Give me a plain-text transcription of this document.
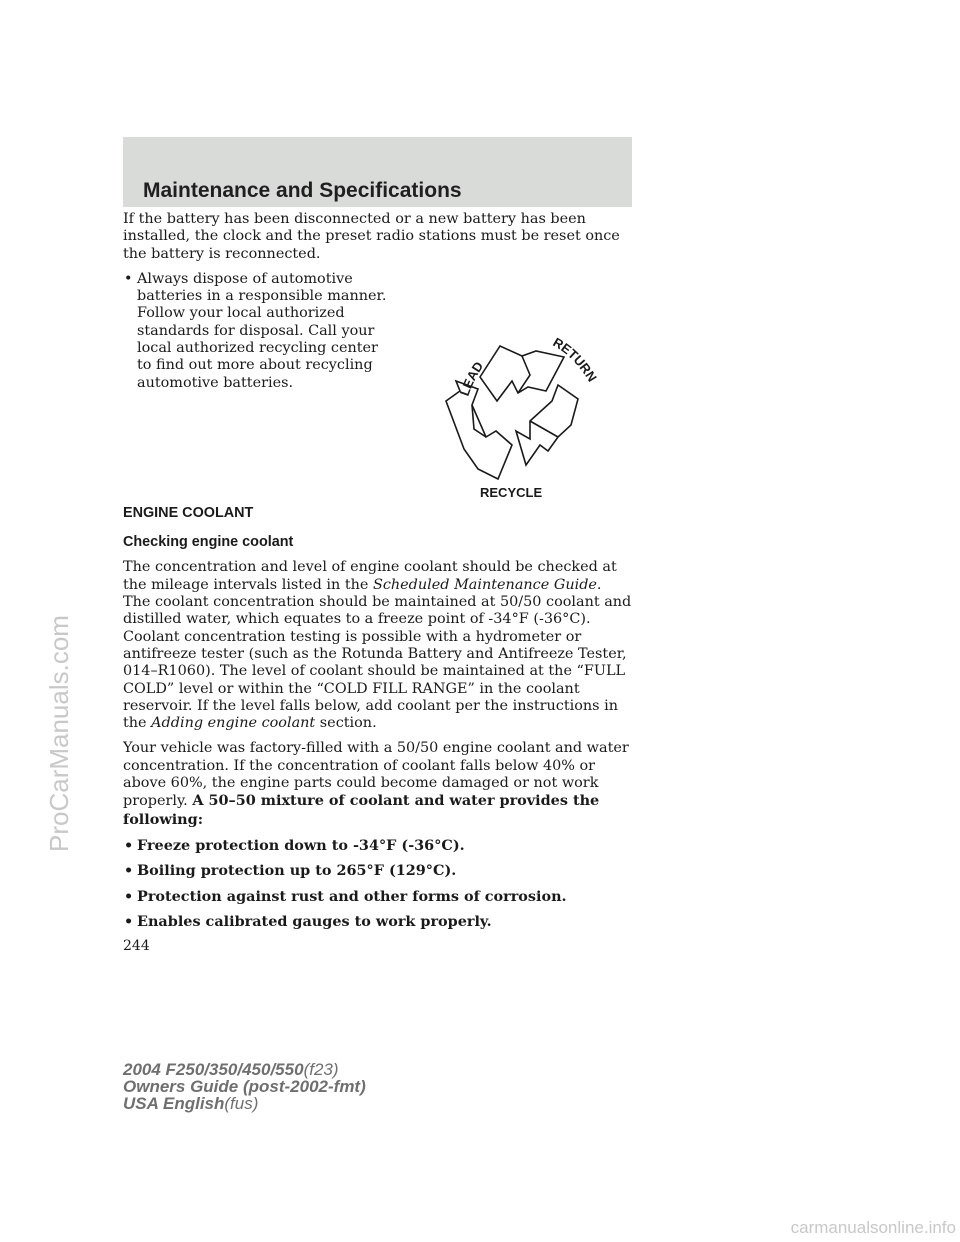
Maintenance and Specifications

If the battery has been disconnected or a new battery has been installed, the clock and the preset radio stations must be reset once the battery is reconnected.

• Always dispose of automotive batteries in a responsible manner. Follow your local authorized standards for disposal. Call your local authorized recycling center to find out more about recycling automotive batteries.
LEAD
RETURN
RECYCLE
ENGINE COOLANT
Checking engine coolant

The concentration and level of engine coolant should be checked at the mileage intervals listed in the Scheduled Maintenance Guide. The coolant concentration should be maintained at 50/50 coolant and distilled water, which equates to a freeze point of -34°F (-36°C). Coolant concentration testing is possible with a hydrometer or antifreeze tester (such as the Rotunda Battery and Antifreeze Tester, 014–R1060). The level of coolant should be maintained at the “FULL COLD” level or within the “COLD FILL RANGE” in the coolant reservoir. If the level falls below, add coolant per the instructions in the Adding engine coolant section.

Your vehicle was factory-filled with a 50/50 engine coolant and water concentration. If the concentration of coolant falls below 40% or above 60%, the engine parts could become damaged or not work properly. A 50–50 mixture of coolant and water provides the following:

• Freeze protection down to -34°F (-36°C).
• Boiling protection up to 265°F (129°C).
• Protection against rust and other forms of corrosion.
• Enables calibrated gauges to work properly.
244
2004 F250/350/450/550(f23)
Owners Guide (post-2002-fmt)
USA English(fus)
ProCarManuals.com
carmanualsonline.info
